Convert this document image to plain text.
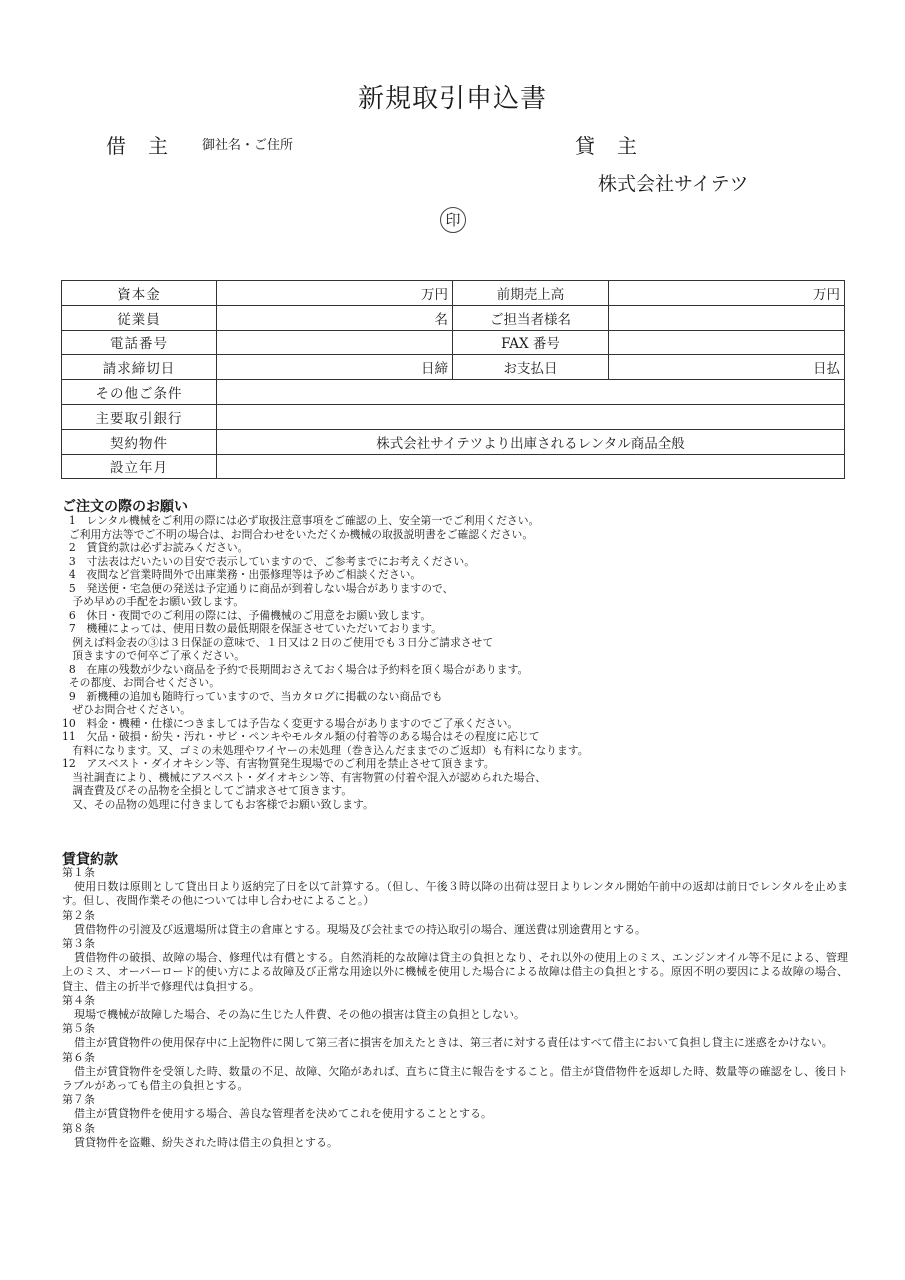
新規取引申込書
借主 御社名・ご住所	貸主
株式会社サイテツ
印
資本金	万円	前期売上高	万円
従業員	名	ご担当者様名	
電話番号		FAX 番号	
請求締切日	日締	お支払日	日払
その他ご条件			
主要取引銀行			
契約物件	株式会社サイテツより出庫されるレンタル商品全般		
設立年月			
ご注文の際のお願い
1　レンタル機械をご利用の際には必ず取扱注意事項をご確認の上、安全第一でご利用ください。
ご利用方法等でご不明の場合は、お問合わせをいただくか機械の取扱説明書をご確認ください。
2　賃貸約款は必ずお読みください。
3　寸法表はだいたいの目安で表示していますので、ご参考までにお考えください。
4　夜間など営業時間外で出庫業務・出張修理等は予めご相談ください。
5　発送便・宅急便の発送は予定通りに商品が到着しない場合がありますので、
予め早めの手配をお願い致します。
6　休日・夜間でのご利用の際には、予備機械のご用意をお願い致します。
7　機種によっては、使用日数の最低期限を保証させていただいております。
例えば料金表の③は３日保証の意味で、１日又は２日のご使用でも３日分ご請求させて
頂きますので何卒ご了承ください。
8　在庫の残数が少ない商品を予約で長期間おさえておく場合は予約料を頂く場合があります。
その都度、お問合せください。
9　新機種の追加も随時行っていますので、当カタログに掲載のない商品でも
ぜひお問合せください。
10　料金・機種・仕様につきましては予告なく変更する場合がありますのでご了承ください。
11　欠品・破損・紛失・汚れ・サビ・ペンキやモルタル類の付着等のある場合はその程度に応じて
有料になります。又、ゴミの未処理やワイヤーの未処理（巻き込んだままでのご返却）も有料になります。
12　アスベスト・ダイオキシン等、有害物質発生現場でのご利用を禁止させて頂きます。
当社調査により、機械にアスベスト・ダイオキシン等、有害物質の付着や混入が認められた場合、
調査費及びその品物を全損としてご請求させて頂きます。
又、その品物の処理に付きましてもお客様でお願い致します。
賃貸約款
第１条
使用日数は原則として貸出日より返納完了日を以て計算する。（但し、午後３時以降の出荷は翌日よりレンタル開始午前中の返却は前日でレンタルを止めます。但し、夜間作業その他については申し合わせによること。）
第２条
賃借物件の引渡及び返還場所は貸主の倉庫とする。現場及び会社までの持込取引の場合、運送費は別途費用とする。
第３条
賃借物件の破損、故障の場合、修理代は有償とする。自然消耗的な故障は貸主の負担となり、それ以外の使用上のミス、エンジンオイル等不足による、管理上のミス、オーバーロード的使い方による故障及び正常な用途以外に機械を使用した場合による故障は借主の負担とする。原因不明の要因による故障の場合、貸主、借主の折半で修理代は負担する。
第４条
現場で機械が故障した場合、その為に生じた人件費、その他の損害は貸主の負担としない。
第５条
借主が賃貸物件の使用保存中に上記物件に関して第三者に損害を加えたときは、第三者に対する責任はすべて借主において負担し貸主に迷惑をかけない。
第６条
借主が賃貸物件を受領した時、数量の不足、故障、欠陥があれば、直ちに貸主に報告をすること。借主が貸借物件を返却した時、数量等の確認をし、後日トラブルがあっても借主の負担とする。
第７条
借主が賃貸物件を使用する場合、善良な管理者を決めてこれを使用することとする。
第８条
賃貸物件を盗難、紛失された時は借主の負担とする。
